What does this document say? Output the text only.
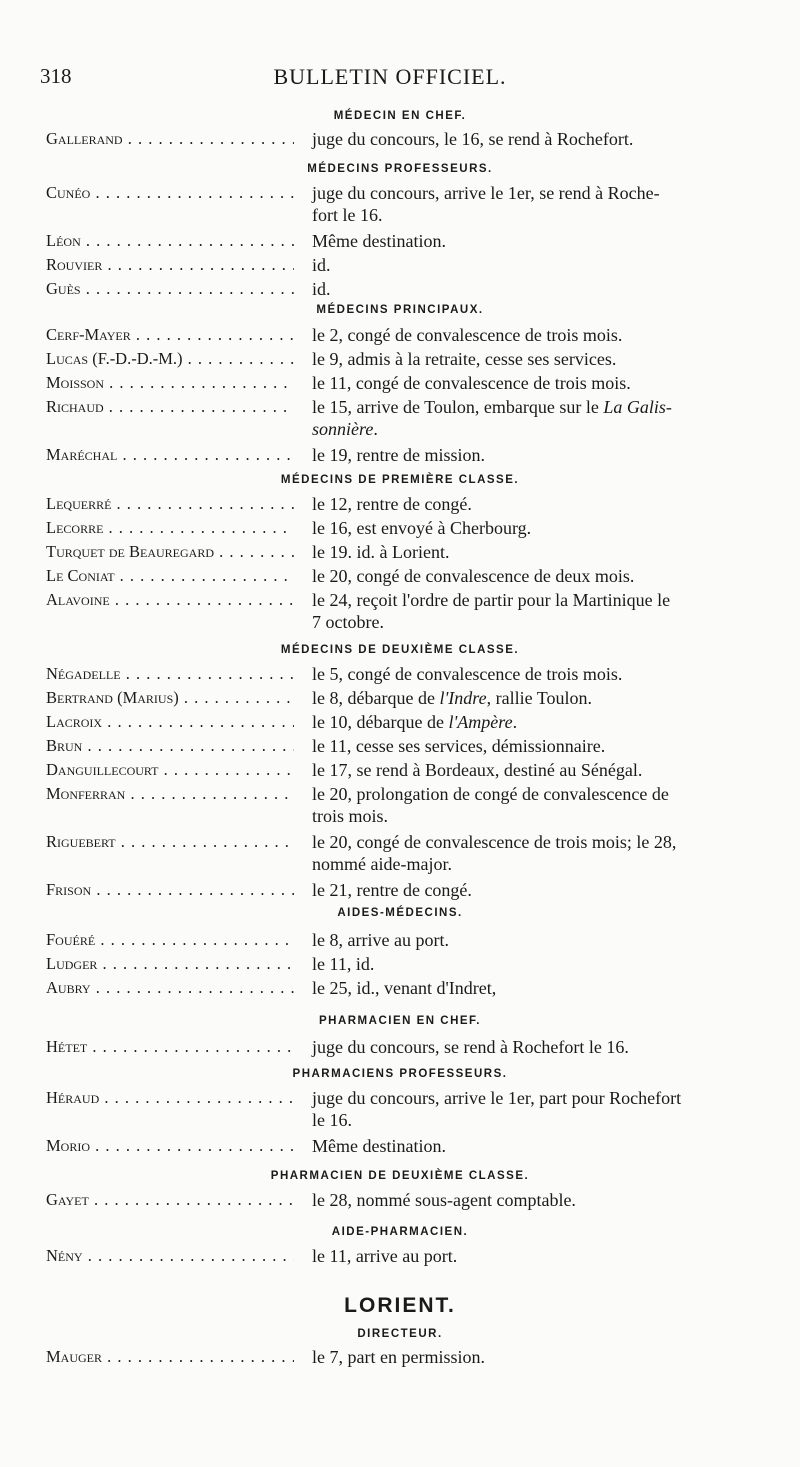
318	BULLETIN OFFICIEL.

MÉDECIN EN CHEF.
Gallerand . . .	juge du concours, le 16, se rend à Rochefort.
MÉDECINS PROFESSEURS.
Cunéo . . .	juge du concours, arrive le 1er, se rend à Roche-
fort le 16.
Léon . . .	Même destination.
Rouvier . . .	id.
Guès . . .	id.
MÉDECINS PRINCIPAUX.
Cerf-Mayer . . .	le 2, congé de convalescence de trois mois.
Lucas (F.-D.-D.-M.) . . .	le 9, admis à la retraite, cesse ses services.
Moisson . . .	le 11, congé de convalescence de trois mois.
Richaud . . .	le 15, arrive de Toulon, embarque sur le La Galis-
sonnière.
Maréchal . . .	le 19, rentre de mission.
MÉDECINS DE PREMIÈRE CLASSE.
Lequerré . . .	le 12, rentre de congé.
Lecorre . . .	le 16, est envoyé à Cherbourg.
Turquet de Beauregard . . .	le 19. id. à Lorient.
Le Coniat . . .	le 20, congé de convalescence de deux mois.
Alavoine . . .	le 24, reçoit l'ordre de partir pour la Martinique le
7 octobre.
MÉDECINS DE DEUXIÈME CLASSE.
Négadelle . . .	le 5, congé de convalescence de trois mois.
Bertrand (Marius) . . .	le 8, débarque de l'Indre, rallie Toulon.
Lacroix . . .	le 10, débarque de l'Ampère.
Brun . . .	le 11, cesse ses services, démissionnaire.
Danguillecourt . . .	le 17, se rend à Bordeaux, destiné au Sénégal.
Monferran . . .	le 20, prolongation de congé de convalescence de
trois mois.
Riguebert . . .	le 20, congé de convalescence de trois mois; le 28,
nommé aide-major.
Frison . . .	le 21, rentre de congé.
AIDES-MÉDECINS.
Fouéré . . .	le 8, arrive au port.
Ludger . . .	le 11, id.
Aubry . . .	le 25, id., venant d'Indret,
PHARMACIEN EN CHEF.
Hétet . . .	juge du concours, se rend à Rochefort le 16.
PHARMACIENS PROFESSEURS.
Héraud . . .	juge du concours, arrive le 1er, part pour Rochefort
le 16.
Morio . . .	Même destination.
PHARMACIEN DE DEUXIÈME CLASSE.
Gayet . . .	le 28, nommé sous-agent comptable.
AIDE-PHARMACIEN.
Nény . . .	le 11, arrive au port.
LORIENT.
DIRECTEUR.
Mauger . . .	le 7, part en permission.
